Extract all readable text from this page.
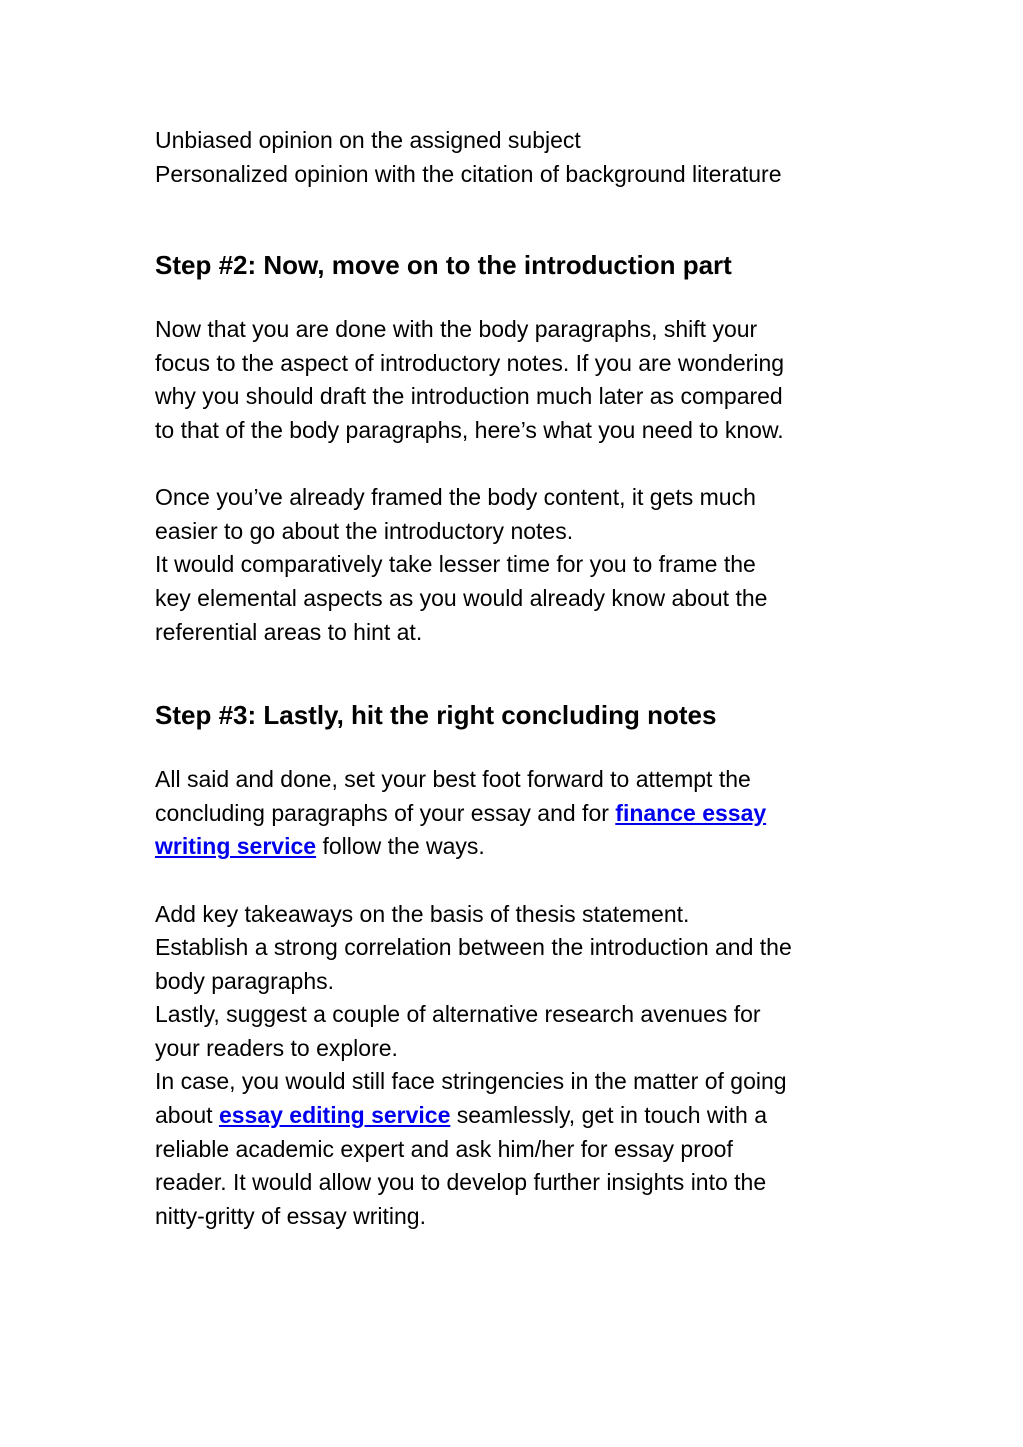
Unbiased opinion on the assigned subject
Personalized opinion with the citation of background literature
Step #2: Now, move on to the introduction part
Now that you are done with the body paragraphs, shift your
focus to the aspect of introductory notes. If you are wondering
why you should draft the introduction much later as compared
to that of the body paragraphs, here’s what you need to know.
Once you’ve already framed the body content, it gets much
easier to go about the introductory notes.
It would comparatively take lesser time for you to frame the
key elemental aspects as you would already know about the
referential areas to hint at.
Step #3: Lastly, hit the right concluding notes
All said and done, set your best foot forward to attempt the
concluding paragraphs of your essay and for finance essay
writing service follow the ways.
Add key takeaways on the basis of thesis statement.
Establish a strong correlation between the introduction and the
body paragraphs.
Lastly, suggest a couple of alternative research avenues for
your readers to explore.
In case, you would still face stringencies in the matter of going
about essay editing service seamlessly, get in touch with a
reliable academic expert and ask him/her for essay proof
reader. It would allow you to develop further insights into the
nitty-gritty of essay writing.
